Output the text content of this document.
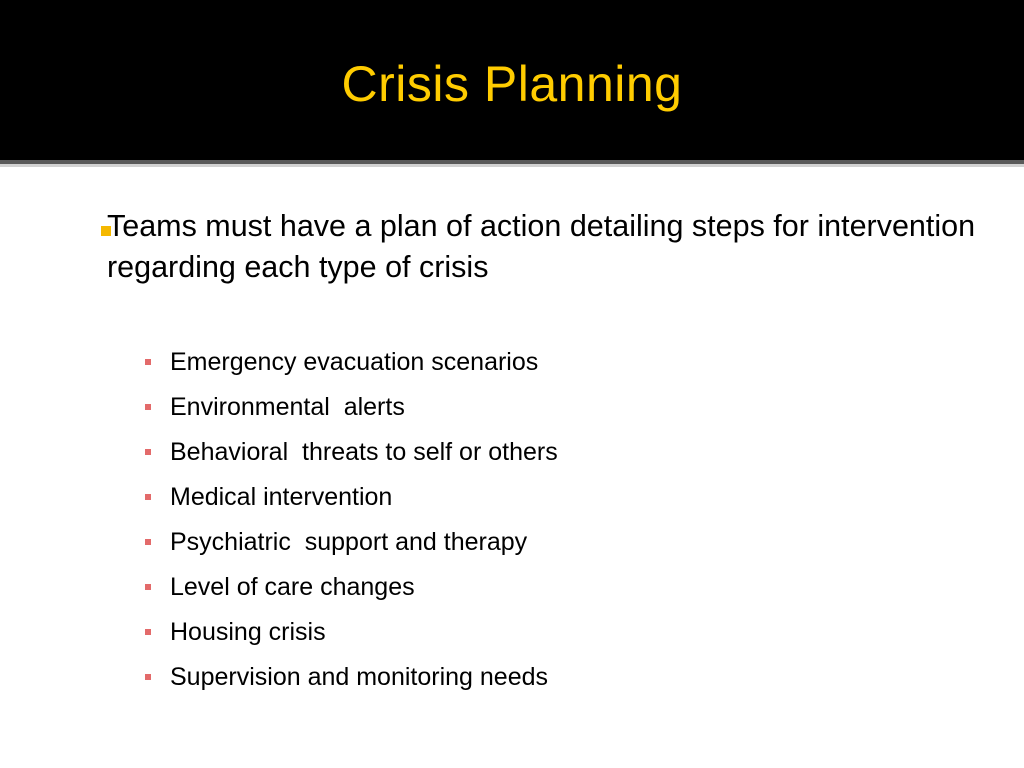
Crisis Planning
Teams must have a plan of action detailing steps for intervention regarding each type of crisis
Emergency evacuation scenarios
Environmental  alerts
Behavioral  threats to self or others
Medical intervention
Psychiatric  support and therapy
Level of care changes
Housing crisis
Supervision and monitoring needs
